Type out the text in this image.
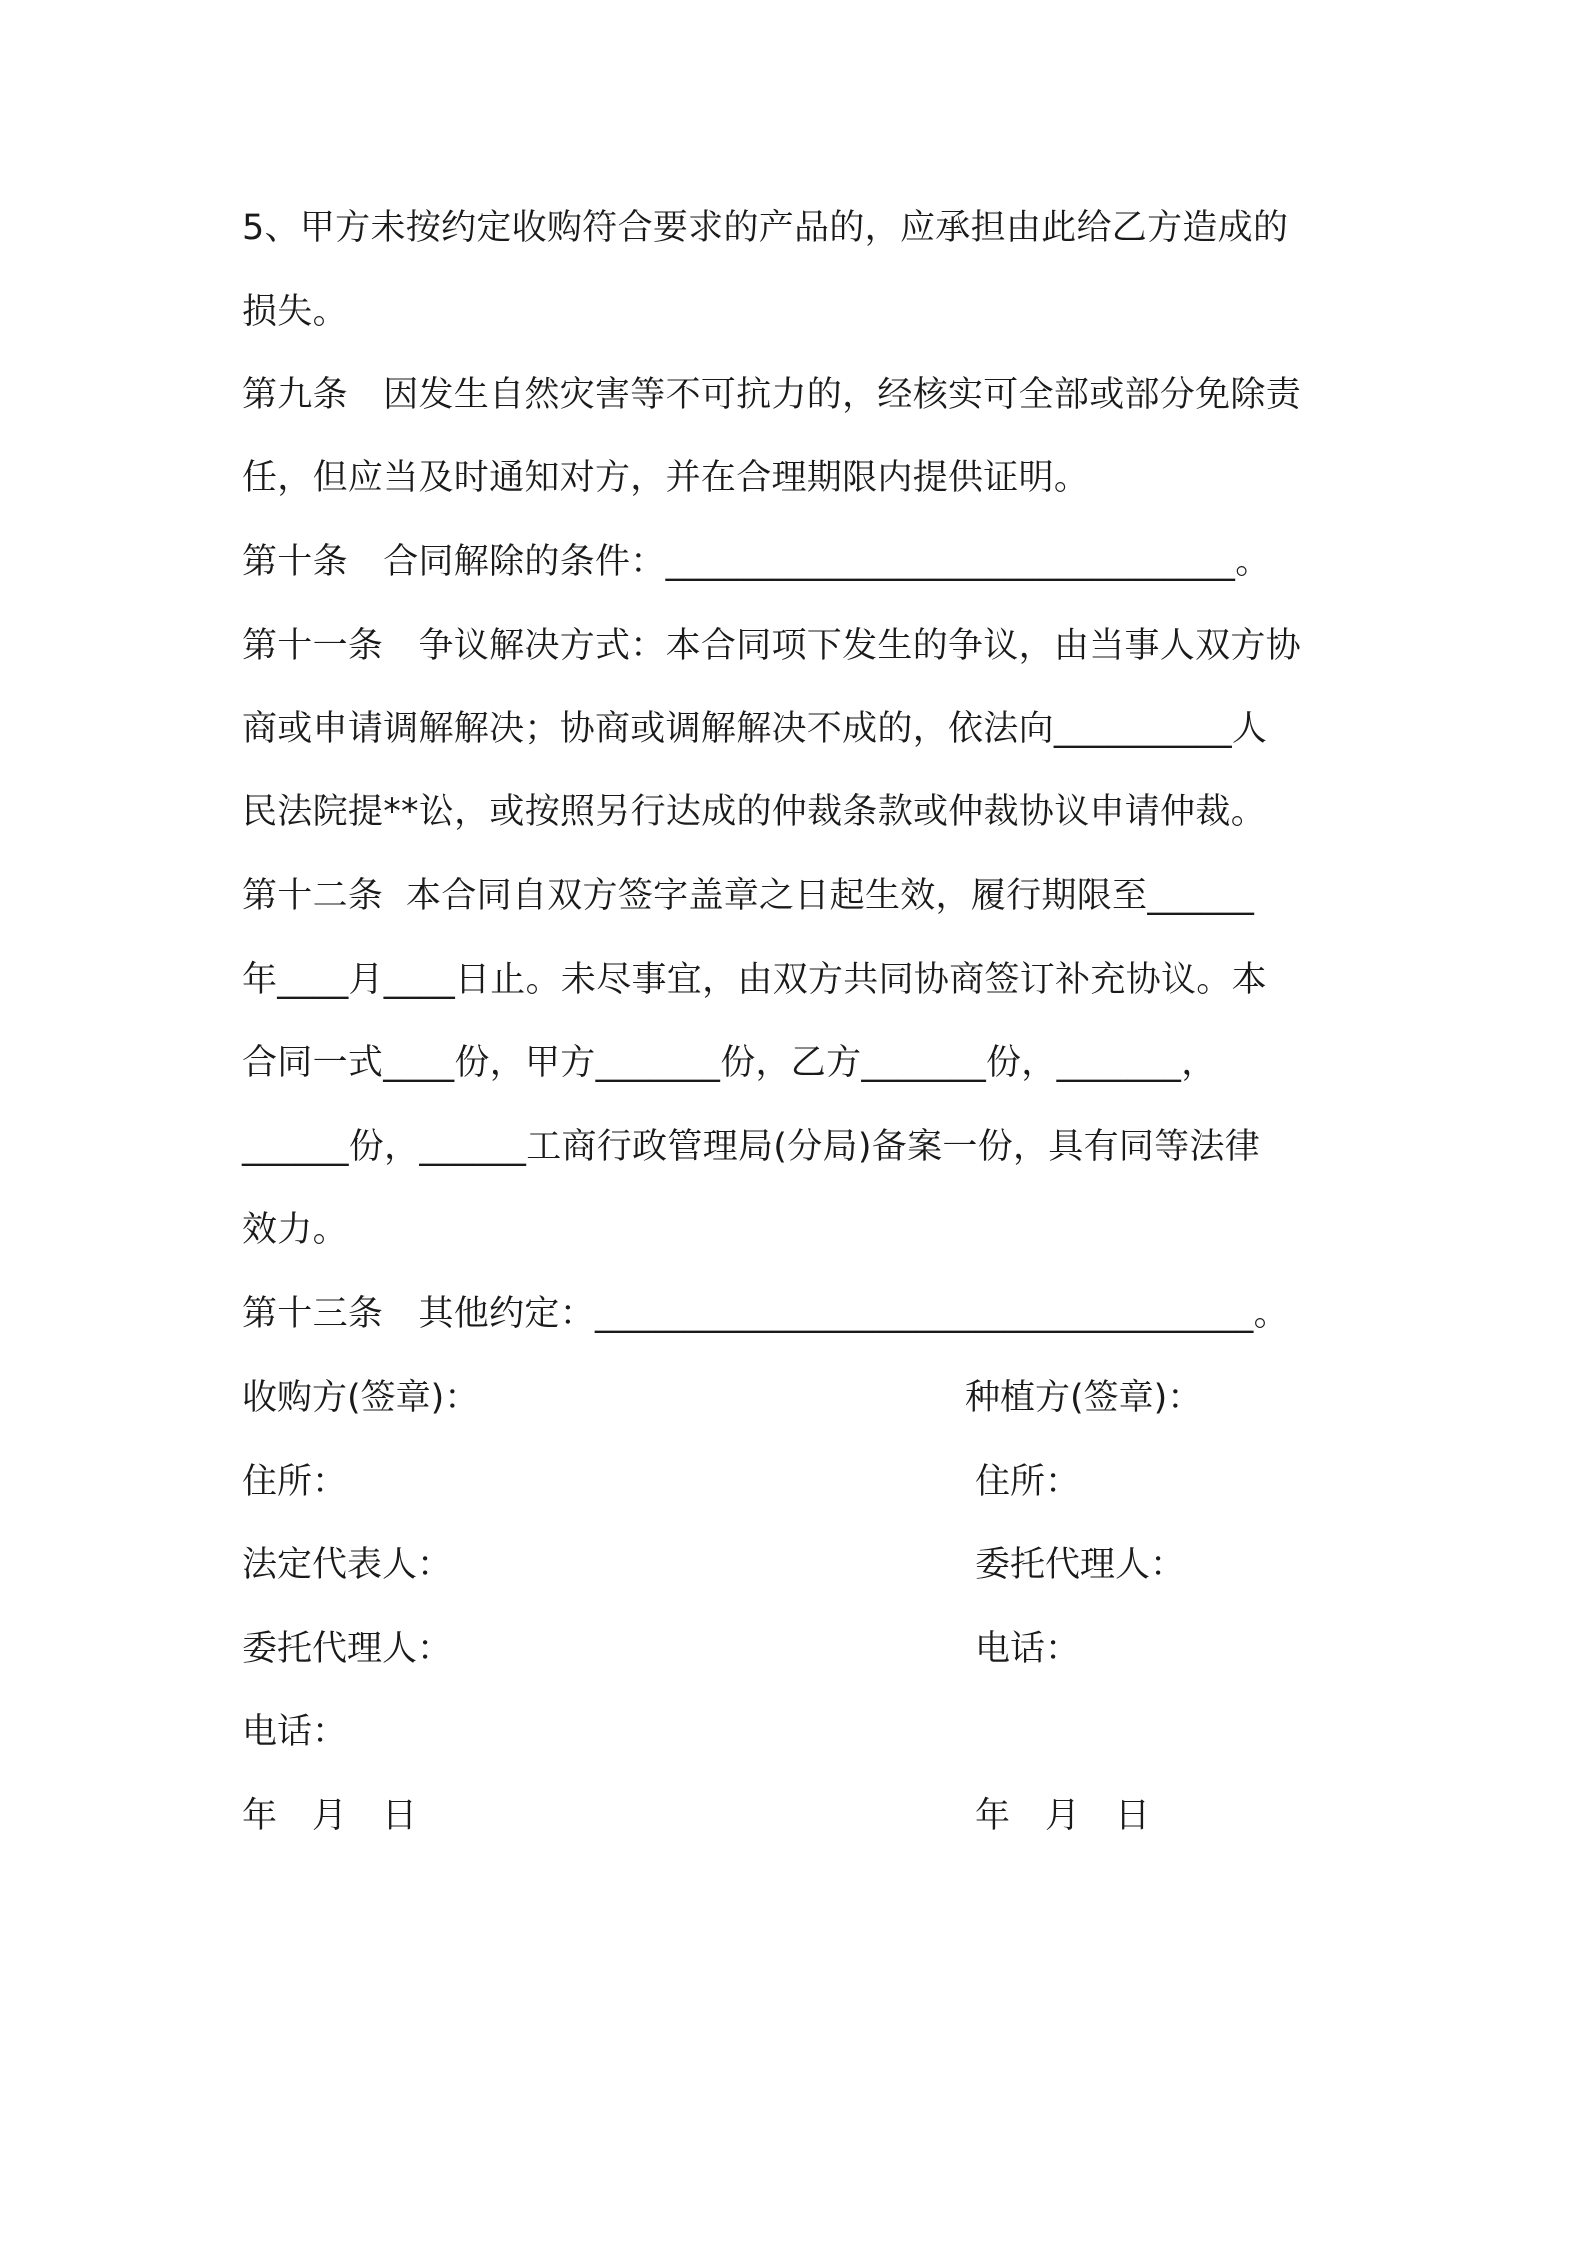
5、甲方未按约定收购符合要求的产品的，应承担由此给乙方造成的
损失。
第九条　因发生自然灾害等不可抗力的，经核实可全部或部分免除责
任，但应当及时通知对方，并在合理期限内提供证明。
第十条　合同解除的条件：________________________________。
第十一条　争议解决方式：本合同项下发生的争议，由当事人双方协
商或申请调解解决；协商或调解解决不成的，依法向__________人
民法院提**讼，或按照另行达成的仲裁条款或仲裁协议申请仲裁。
第十二条  本合同自双方签字盖章之日起生效，履行期限至______
年____月____日止。未尽事宜，由双方共同协商签订补充协议。本
合同一式____份，甲方_______份，乙方_______份，_______，
______份，______工商行政管理局(分局)备案一份，具有同等法律
效力。
第十三条　其他约定：_____________________________________。
收购方(签章)：
住所：
法定代表人：
委托代理人：
电话：
年　月　日
种植方(签章)：
住所：
委托代理人：
电话：
年　月　日
